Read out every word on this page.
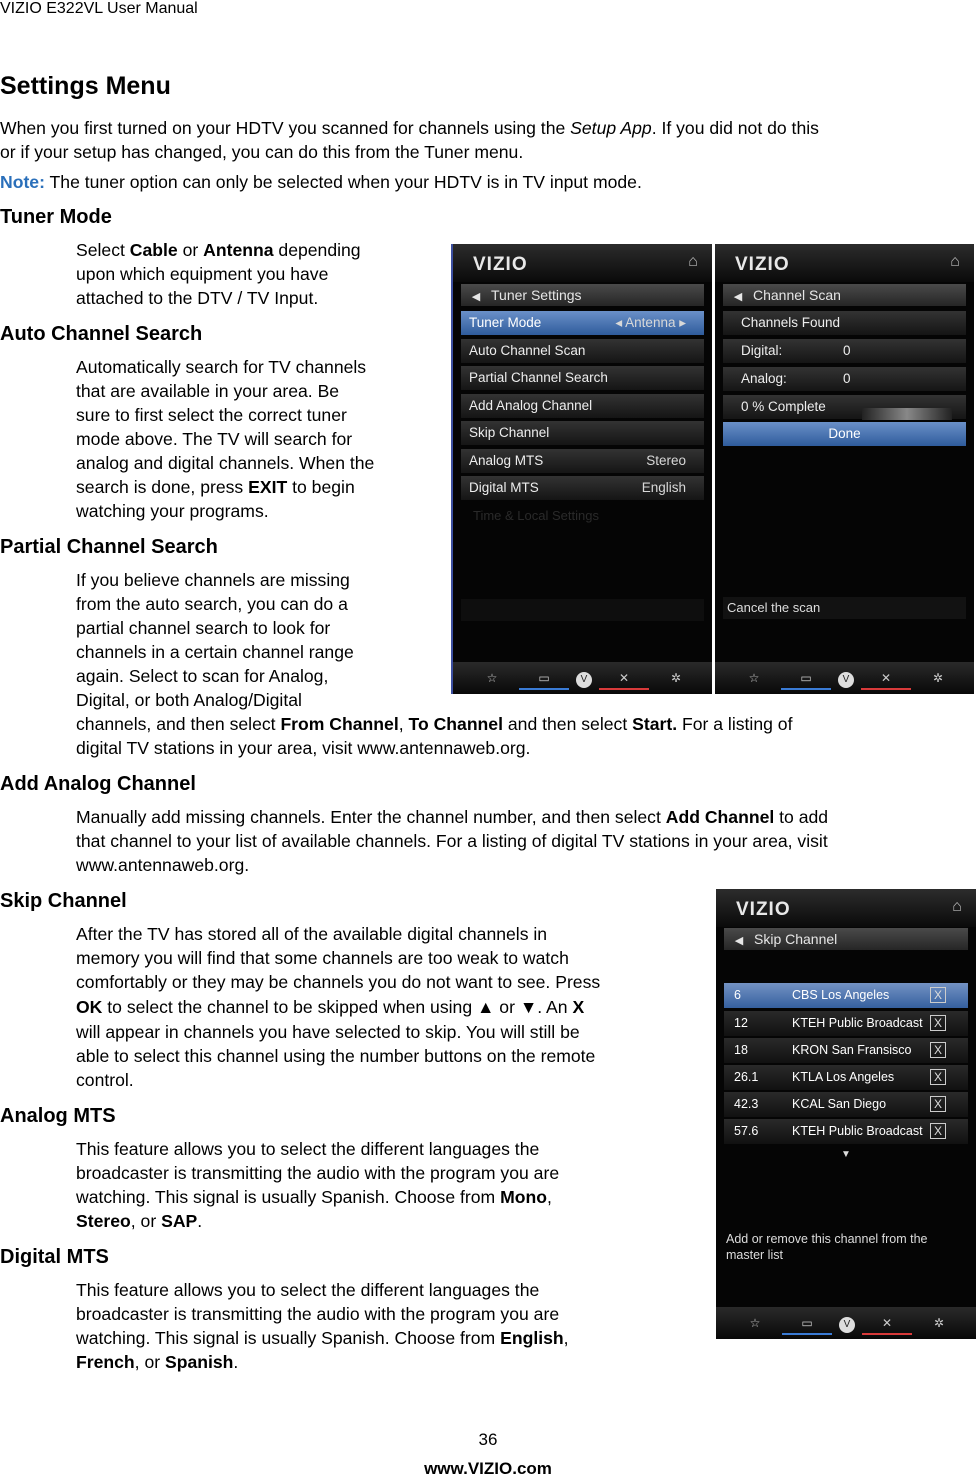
VIZIO E322VL User Manual
Settings Menu
When you first turned on your HDTV you scanned for channels using the Setup App. If you did not do this
or if your setup has changed, you can do this from the Tuner menu.
Note: The tuner option can only be selected when your HDTV is in TV input mode.
Tuner Mode
Select Cable or Antenna depending
upon which equipment you have
attached to the DTV / TV Input.
Auto Channel Search
Automatically search for TV channels
that are available in your area. Be
sure to first select the correct tuner
mode above. The TV will search for
analog and digital channels. When the
search is done, press EXIT to begin
watching your programs.
Partial Channel Search
If you believe channels are missing
from the auto search, you can do a
partial channel search to look for
channels in a certain channel range
again. Select to scan for Analog,
Digital, or both Analog/Digital
channels, and then select From Channel, To Channel and then select Start. For a listing of
digital TV stations in your area, visit www.antennaweb.org.
Add Analog Channel
Manually add missing channels. Enter the channel number, and then select Add Channel to add
that channel to your list of available channels. For a listing of digital TV stations in your area, visit
www.antennaweb.org.
Skip Channel
After the TV has stored all of the available digital channels in
memory you will find that some channels are too weak to watch
comfortably or they may be channels you do not want to see. Press
OK to select the channel to be skipped when using ▲ or ▼. An X
will appear in channels you have selected to skip. You will still be
able to select this channel using the number buttons on the remote
control.
Analog MTS
This feature allows you to select the different languages the
broadcaster is transmitting the audio with the program you are
watching. This signal is usually Spanish. Choose from Mono,
Stereo, or SAP.
Digital MTS
This feature allows you to select the different languages the
broadcaster is transmitting the audio with the program you are
watching. This signal is usually Spanish. Choose from English,
French, or Spanish.
VIZIO	⌂
◀ Tuner Settings
Tuner Mode	◂ Antenna ▸
Auto Channel Scan
Partial Channel Search
Add Analog Channel
Skip Channel
Analog MTS	Stereo
Digital MTS	English
Time & Local Settings
☆	▭	V	✕	✲
VIZIO	⌂
◀ Channel Scan
Channels Found
Digital:	0
Analog:	0
0 % Complete
Done
Cancel the scan
☆	▭	V	✕	✲
VIZIO	⌂
◀ Skip Channel
6	CBS Los Angeles	X
12	KTEH Public Broadcast X
18	KRON San Fransisco	X
26.1	KTLA Los Angeles	X
42.3	KCAL San Diego	X
57.6	KTEH Public Broadcast X
▼
Add or remove this channel from the master list
☆	▭	V	✕	✲
36
www.VIZIO.com
